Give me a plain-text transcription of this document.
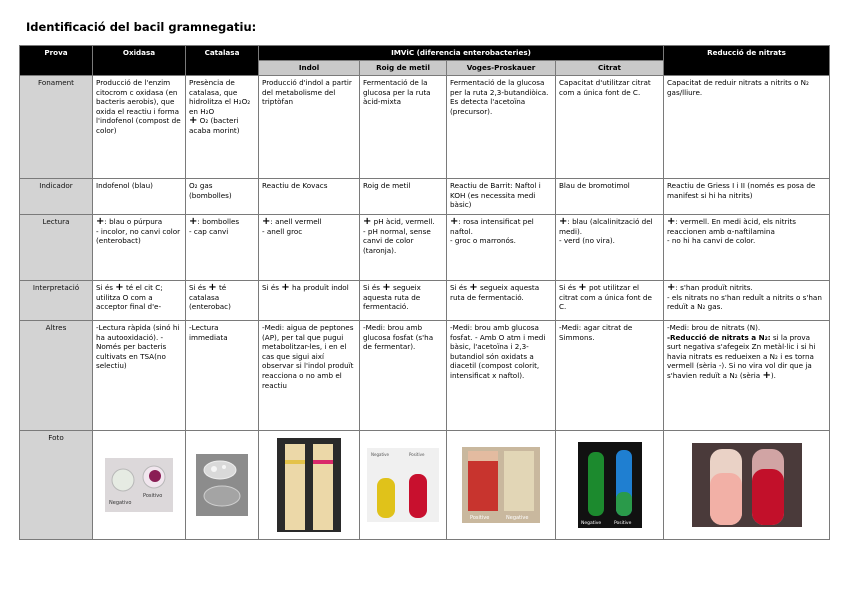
Identificació del bacil gramnegatiu:
Prova	Oxidasa	Catalasa	IMViC (diferencia enterobacteries)				Reducció de nitrats
			Indol	Roig de metil	Voges-Proskauer	Citrat	
Fonament	Producció de l'enzim citocrom c oxidasa (en bacteris aerobis), que oxida el reactiu i forma l'indofenol (compost de color)	Presència de catalasa, que hidrolitza el H₂O₂ en H₂O
+ O₂ (bacteri acaba morint)	Producció d'indol a partir del metabolisme del triptòfan	Fermentació de la glucosa per la ruta àcid-mixta	Fermentació de la glucosa per la ruta 2,3-butandiòica. Es detecta l'acetoïna (precursor).	Capacitat d'utilitzar citrat com a única font de C.	Capacitat de reduir nitrats a nitrits o N₂ gas/lliure.
Indicador	Indofenol (blau)	O₂ gas (bombolles)	Reactiu de Kovacs	Roig de metil	Reactiu de Barrit: Naftol i KOH (es necessita medi bàsic)	Blau de bromotimol	Reactiu de Griess I i II (només es posa de manifest si hi ha nitrits)
Lectura	+: blau o púrpura
- incolor, no canvi color (enterobact)	+: bombolles
- cap canvi	+: anell vermell
- anell groc	+ pH àcid, vermell.
- pH normal, sense canvi de color (taronja).	+: rosa intensificat pel naftol.
- groc o marronós.	+: blau (alcalinització del medi).
- verd (no vira).	+: vermell. En medi àcid, els nitrits reaccionen amb α-naftilamina
- no hi ha canvi de color.
Interpretació	Si és + té el cit C; utilitza O com a acceptor final d'e-	Si és + té catalasa (enterobac)	Si és + ha produït indol	Si és + segueix aquesta ruta de fermentació.	Si és + segueix aquesta ruta de fermentació.	Si és + pot utilitzar el citrat com a única font de C.	+: s'han produït nitrits.
- els nitrats no s'han reduït a nitrits o s'han reduït a N₂ gas.
Altres	-Lectura ràpida (sinó hi ha autooxidació). -Només per bacteris cultivats en TSA(no selectiu)	-Lectura immediata	-Medi: aigua de peptones (AP), per tal que pugui metabolitzar-les, i en el cas que sigui així observar si l'indol produït reacciona o no amb el reactiu	-Medi: brou amb glucosa fosfat (s'ha de fermentar).	-Medi: brou amb glucosa fosfat. - Amb O atm i medi bàsic, l'acetoïna i 2,3-butandiol són oxidats a diacetil (compost colorit, intensificat x naftol).	-Medi: agar citrat de Simmons.	-Medi: brou de nitrats (N).
-Reducció de nitrats a N₂: si la prova surt negativa s'afegeix Zn metàl·lic i si hi havia nitrats es redueixen a N₂ i es torna vermell (sèria -). Si no vira vol dir que ja s'havien reduït a N₂ (sèria +).
Foto	Negativo
Positivo			Negative Positive	Positive Negative	Negative Positive
